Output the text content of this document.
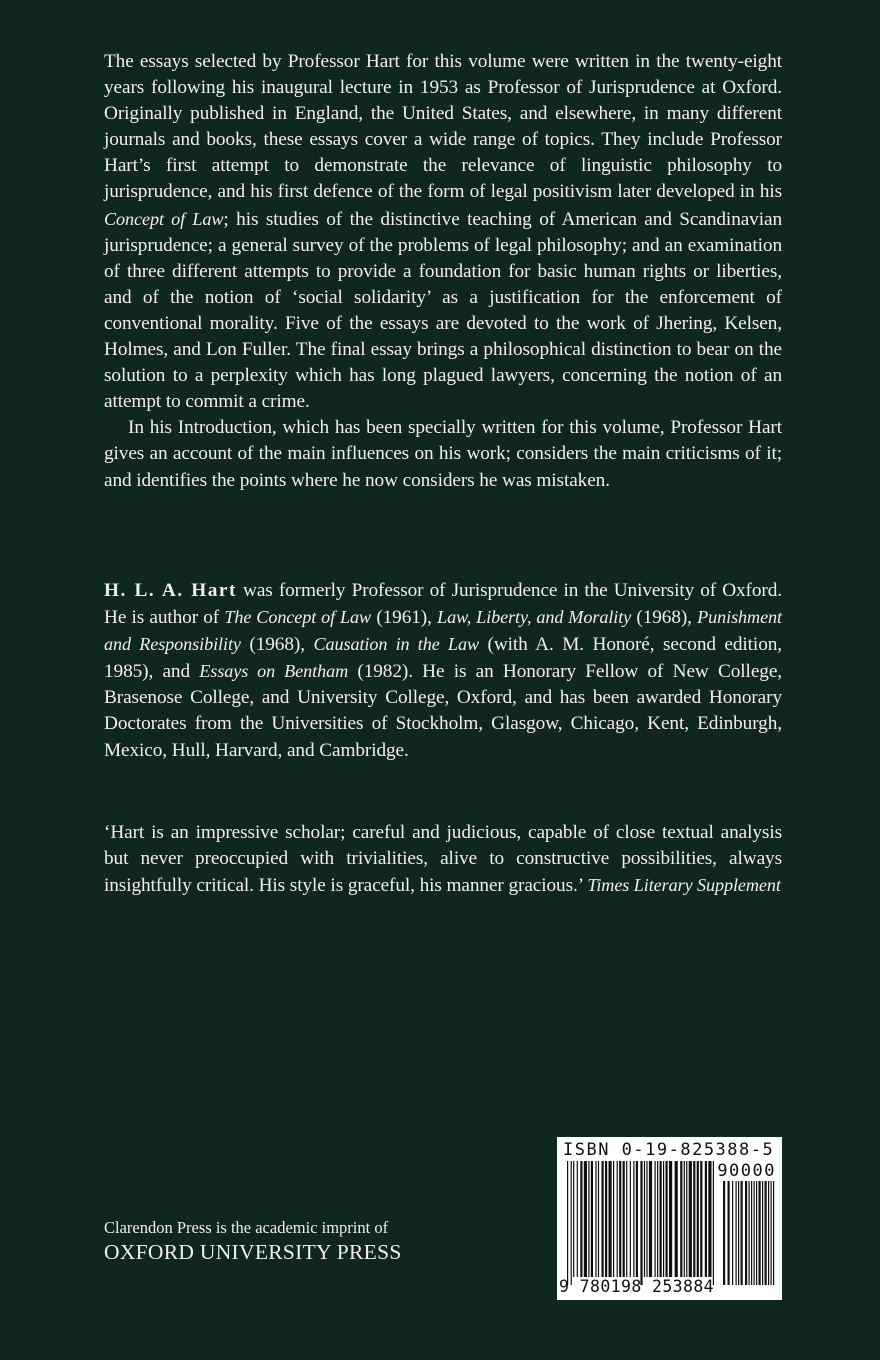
The essays selected by Professor Hart for this volume were written in the twenty-eight years following his inaugural lecture in 1953 as Professor of Jurisprudence at Oxford. Originally published in England, the United States, and elsewhere, in many different journals and books, these essays cover a wide range of topics. They include Professor Hart’s first attempt to demonstrate the relevance of linguistic philosophy to jurisprudence, and his first defence of the form of legal positivism later developed in his Concept of Law; his studies of the distinctive teaching of American and Scandinavian jurisprudence; a general survey of the problems of legal philosophy; and an examination of three different attempts to provide a foundation for basic human rights or liberties, and of the notion of ‘social solidarity’ as a justification for the enforcement of conventional morality. Five of the essays are devoted to the work of Jhering, Kelsen, Holmes, and Lon Fuller. The final essay brings a philosophical distinction to bear on the solution to a perplexity which has long plagued lawyers, concerning the notion of an attempt to commit a crime.

In his Introduction, which has been specially written for this volume, Professor Hart gives an account of the main influences on his work; considers the main criticisms of it; and identifies the points where he now considers he was mistaken.

H. L. A. Hart was formerly Professor of Jurisprudence in the University of Oxford. He is author of The Concept of Law (1961), Law, Liberty, and Morality (1968), Punishment and Responsibility (1968), Causation in the Law (with A. M. Honoré, second edition, 1985), and Essays on Bentham (1982). He is an Honorary Fellow of New College, Brasenose College, and University College, Oxford, and has been awarded Honorary Doctorates from the Universities of Stockholm, Glasgow, Chicago, Kent, Edinburgh, Mexico, Hull, Harvard, and Cambridge.

‘Hart is an impressive scholar; careful and judicious, capable of close textual analysis but never preoccupied with trivialities, alive to constructive possibilities, always insightfully critical. His style is graceful, his manner gracious.’ Times Literary Supplement

Clarendon Press is the academic imprint of
OXFORD UNIVERSITY PRESS
ISBN 0-19-825388-5
90000
9 780198 253884
